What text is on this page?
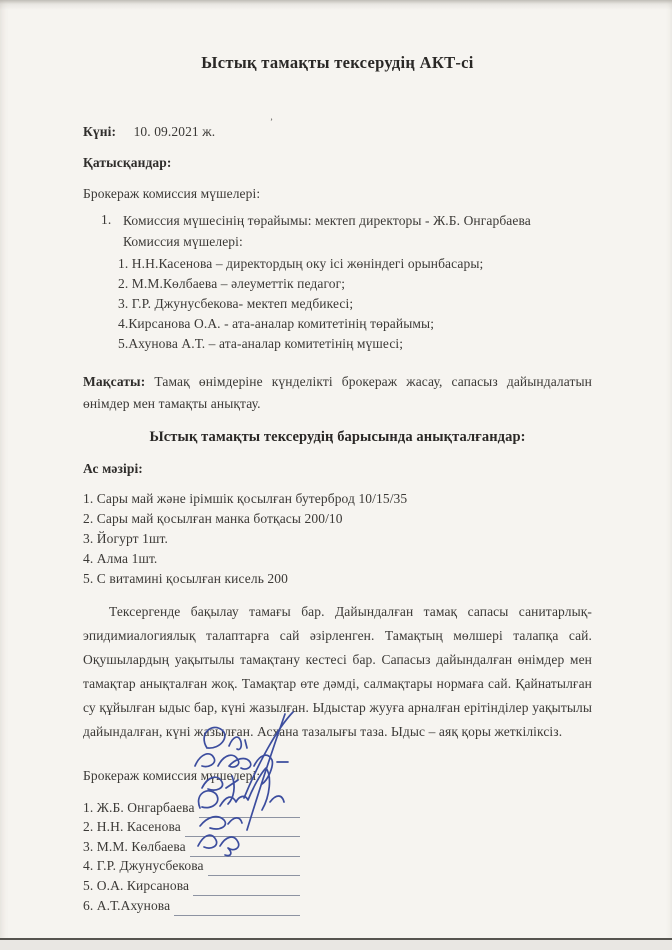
Ыстық тамақты тексерудің АКТ-сі
Күні: 10. 09.2021 ж.
Қатысқандар:
Брокераж комиссия мүшелері:
1. Комиссия мүшесінің төрайымы: мектеп директоры - Ж.Б. Онгарбаева
Комиссия мүшелері:
1. Н.Н.Касенова – директордың оку ісі жөніндегі орынбасары;
2. М.М.Көлбаева – әлеуметтік педагог;
3. Г.Р. Джунусбекова- мектеп медбикесі;
4.Кирсанова О.А. - ата-аналар комитетінің төрайымы;
5.Ахунова А.Т. – ата-аналар комитетінің мүшесі;
Мақсаты: Тамақ өнімдеріне күнделікті брокераж жасау, сапасыз дайындалатын өнімдер мен тамақты анықтау.
Ыстық тамақты тексерудің барысында анықталғандар:
Ас мәзірі:
1. Сары май және ірімшік қосылған бутерброд 10/15/35
2. Сары май қосылған манка ботқасы 200/10
3. Йогурт 1шт.
4. Алма 1шт.
5. С витамині қосылған кисель 200
Тексергенде бақылау тамағы бар. Дайындалған тамақ сапасы санитарлық-эпидимиалогиялық талаптарға сай әзірленген. Тамақтың мөлшері талапқа сай. Оқушылардың уақытылы тамақтану кестесі бар. Сапасыз дайындалған өнімдер мен тамақтар анықталған жоқ. Тамақтар өте дәмді, салмақтары нормаға сай. Қайнатылған су құйылған ыдыс бар, күні жазылған. Ыдыстар жууға арналған ерітінділер уақытылы дайындалған, күні жазылған. Асхана тазалығы таза. Ыдыс – аяқ қоры жеткіліксіз.
Брокераж комиссия мүшелері:
1. Ж.Б. Онгарбаева
2. Н.Н. Касенова
3. М.М. Көлбаева
4. Г.Р. Джунусбекова
5. О.А. Кирсанова
6. А.Т.Ахунова
’
